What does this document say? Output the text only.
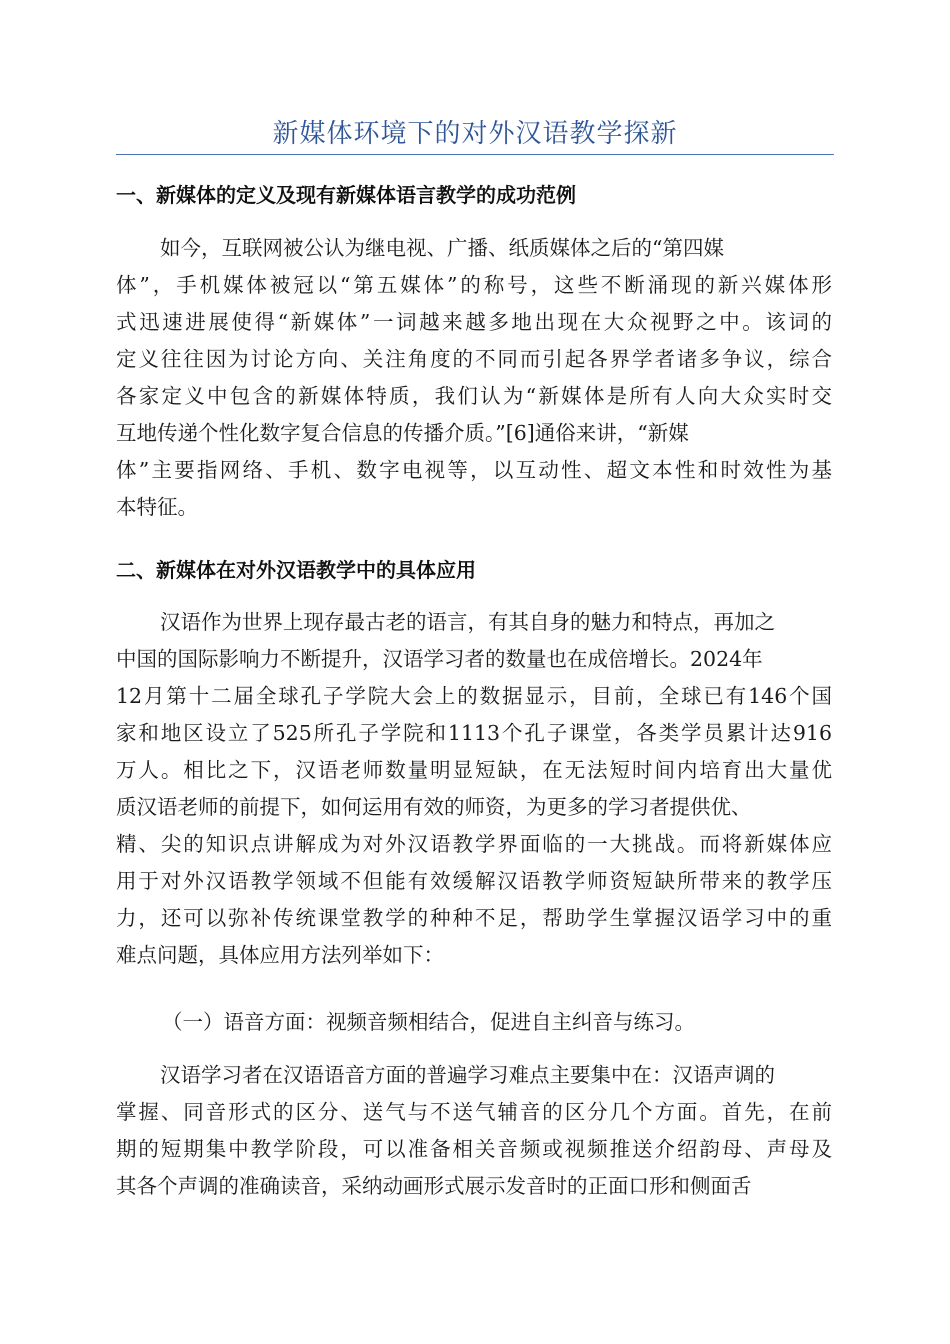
新媒体环境下的对外汉语教学探新
一、新媒体的定义及现有新媒体语言教学的成功范例
如今，互联网被公认为继电视、广播、纸质媒体之后的“第四媒
体”，手机媒体被冠以“第五媒体”的称号，这些不断涌现的新兴媒体形
式迅速进展使得“新媒体”一词越来越多地出现在大众视野之中。该词的
定义往往因为讨论方向、关注角度的不同而引起各界学者诸多争议，综合
各家定义中包含的新媒体特质，我们认为“新媒体是所有人向大众实时交
互地传递个性化数字复合信息的传播介质。”[6]通俗来讲，“新媒
体”主要指网络、手机、数字电视等，以互动性、超文本性和时效性为基
本特征。
二、新媒体在对外汉语教学中的具体应用
汉语作为世界上现存最古老的语言，有其自身的魅力和特点，再加之
中国的国际影响力不断提升，汉语学习者的数量也在成倍增长。2024年
12月第十二届全球孔子学院大会上的数据显示，目前，全球已有146个国
家和地区设立了525所孔子学院和1113个孔子课堂，各类学员累计达916
万人。相比之下，汉语老师数量明显短缺，在无法短时间内培育出大量优
质汉语老师的前提下，如何运用有效的师资，为更多的学习者提供优、
精、尖的知识点讲解成为对外汉语教学界面临的一大挑战。而将新媒体应
用于对外汉语教学领域不但能有效缓解汉语教学师资短缺所带来的教学压
力，还可以弥补传统课堂教学的种种不足，帮助学生掌握汉语学习中的重
难点问题，具体应用方法列举如下：
（一）语音方面：视频音频相结合，促进自主纠音与练习。
汉语学习者在汉语语音方面的普遍学习难点主要集中在：汉语声调的
掌握、同音形式的区分、送气与不送气辅音的区分几个方面。首先，在前
期的短期集中教学阶段，可以准备相关音频或视频推送介绍韵母、声母及
其各个声调的准确读音，采纳动画形式展示发音时的正面口形和侧面舌
